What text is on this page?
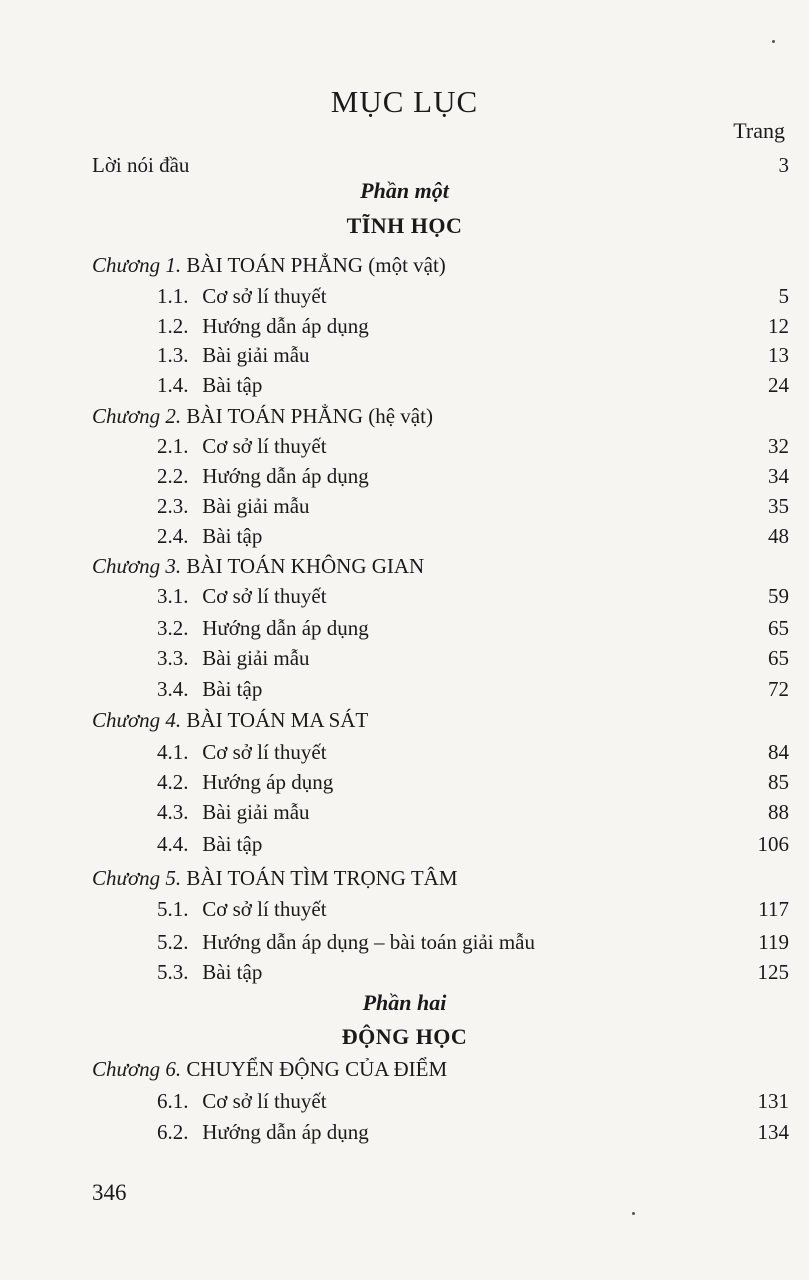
MỤC LỤC
Trang
Lời nói đầu	3
Phần một
TĨNH HỌC
Chương 1. BÀI TOÁN PHẲNG (một vật)
1.1. Cơ sở lí thuyết	5
1.2. Hướng dẫn áp dụng	12
1.3. Bài giải mẫu	13
1.4. Bài tập	24
Chương 2. BÀI TOÁN PHẲNG (hệ vật)
2.1. Cơ sở lí thuyết	32
2.2. Hướng dẫn áp dụng	34
2.3. Bài giải mẫu	35
2.4. Bài tập	48
Chương 3. BÀI TOÁN KHÔNG GIAN
3.1. Cơ sở lí thuyết	59
3.2. Hướng dẫn áp dụng	65
3.3. Bài giải mẫu	65
3.4. Bài tập	72
Chương 4. BÀI TOÁN MA SÁT
4.1. Cơ sở lí thuyết	84
4.2. Hướng áp dụng	85
4.3. Bài giải mẫu	88
4.4. Bài tập	106
Chương 5. BÀI TOÁN TÌM TRỌNG TÂM
5.1. Cơ sở lí thuyết	117
5.2. Hướng dẫn áp dụng – bài toán giải mẫu	119
5.3. Bài tập	125
Phần hai
ĐỘNG HỌC
Chương 6. CHUYỂN ĐỘNG CỦA ĐIỂM
6.1. Cơ sở lí thuyết	131
6.2. Hướng dẫn áp dụng	134
346
